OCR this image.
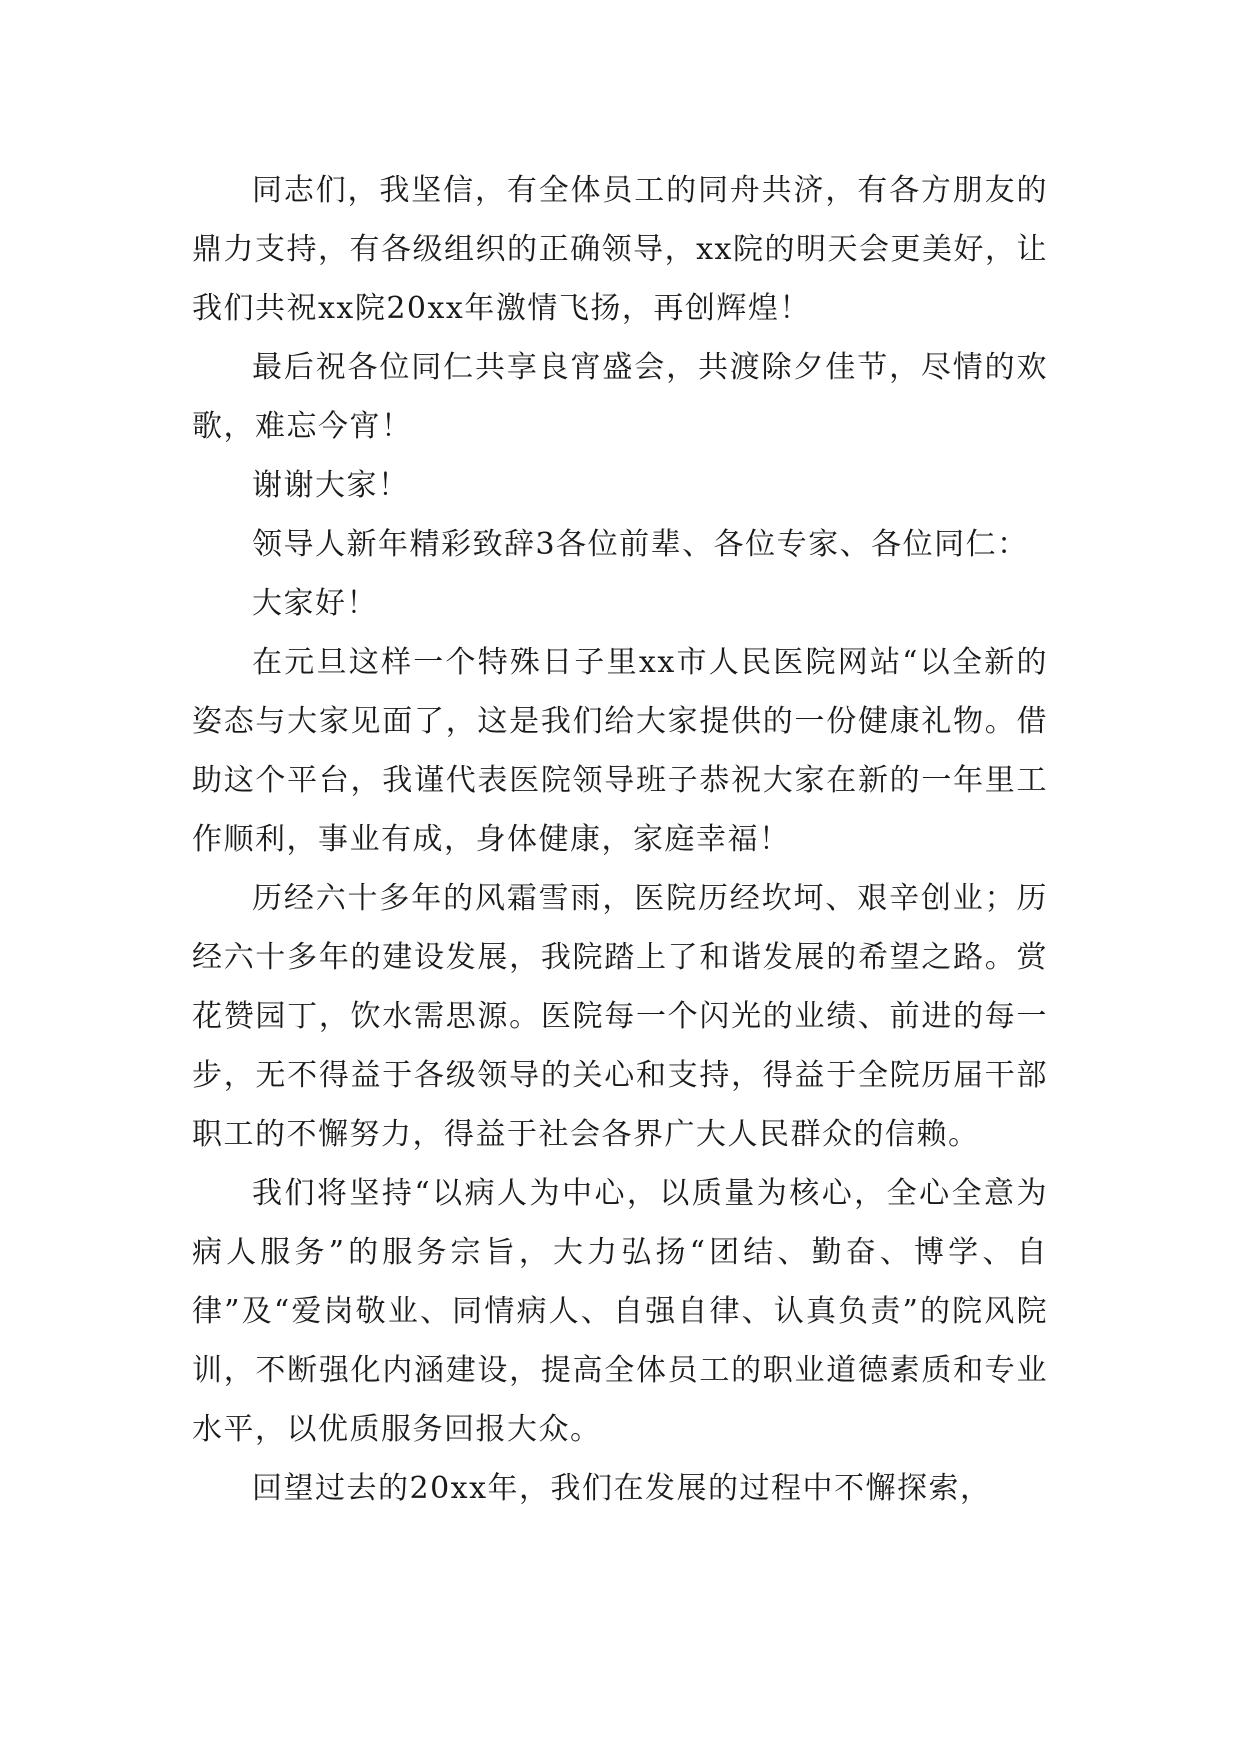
同志们，我坚信，有全体员工的同舟共济，有各方朋友的鼎力支持，有各级组织的正确领导，xx院的明天会更美好，让我们共祝xx院20xx年激情飞扬，再创辉煌！

最后祝各位同仁共享良宵盛会，共渡除夕佳节，尽情的欢歌，难忘今宵！

谢谢大家！

领导人新年精彩致辞3各位前辈、各位专家、各位同仁：

大家好！

在元旦这样一个特殊日子里xx市人民医院网站“以全新的姿态与大家见面了，这是我们给大家提供的一份健康礼物。借助这个平台，我谨代表医院领导班子恭祝大家在新的一年里工作顺利，事业有成，身体健康，家庭幸福！

历经六十多年的风霜雪雨，医院历经坎坷、艰辛创业；历经六十多年的建设发展，我院踏上了和谐发展的希望之路。赏花赞园丁，饮水需思源。医院每一个闪光的业绩、前进的每一步，无不得益于各级领导的关心和支持，得益于全院历届干部职工的不懈努力，得益于社会各界广大人民群众的信赖。

我们将坚持“以病人为中心，以质量为核心，全心全意为病人服务”的服务宗旨，大力弘扬“团结、勤奋、博学、自律”及“爱岗敬业、同情病人、自强自律、认真负责”的院风院训，不断强化内涵建设，提高全体员工的职业道德素质和专业水平，以优质服务回报大众。

回望过去的20xx年，我们在发展的过程中不懈探索，
